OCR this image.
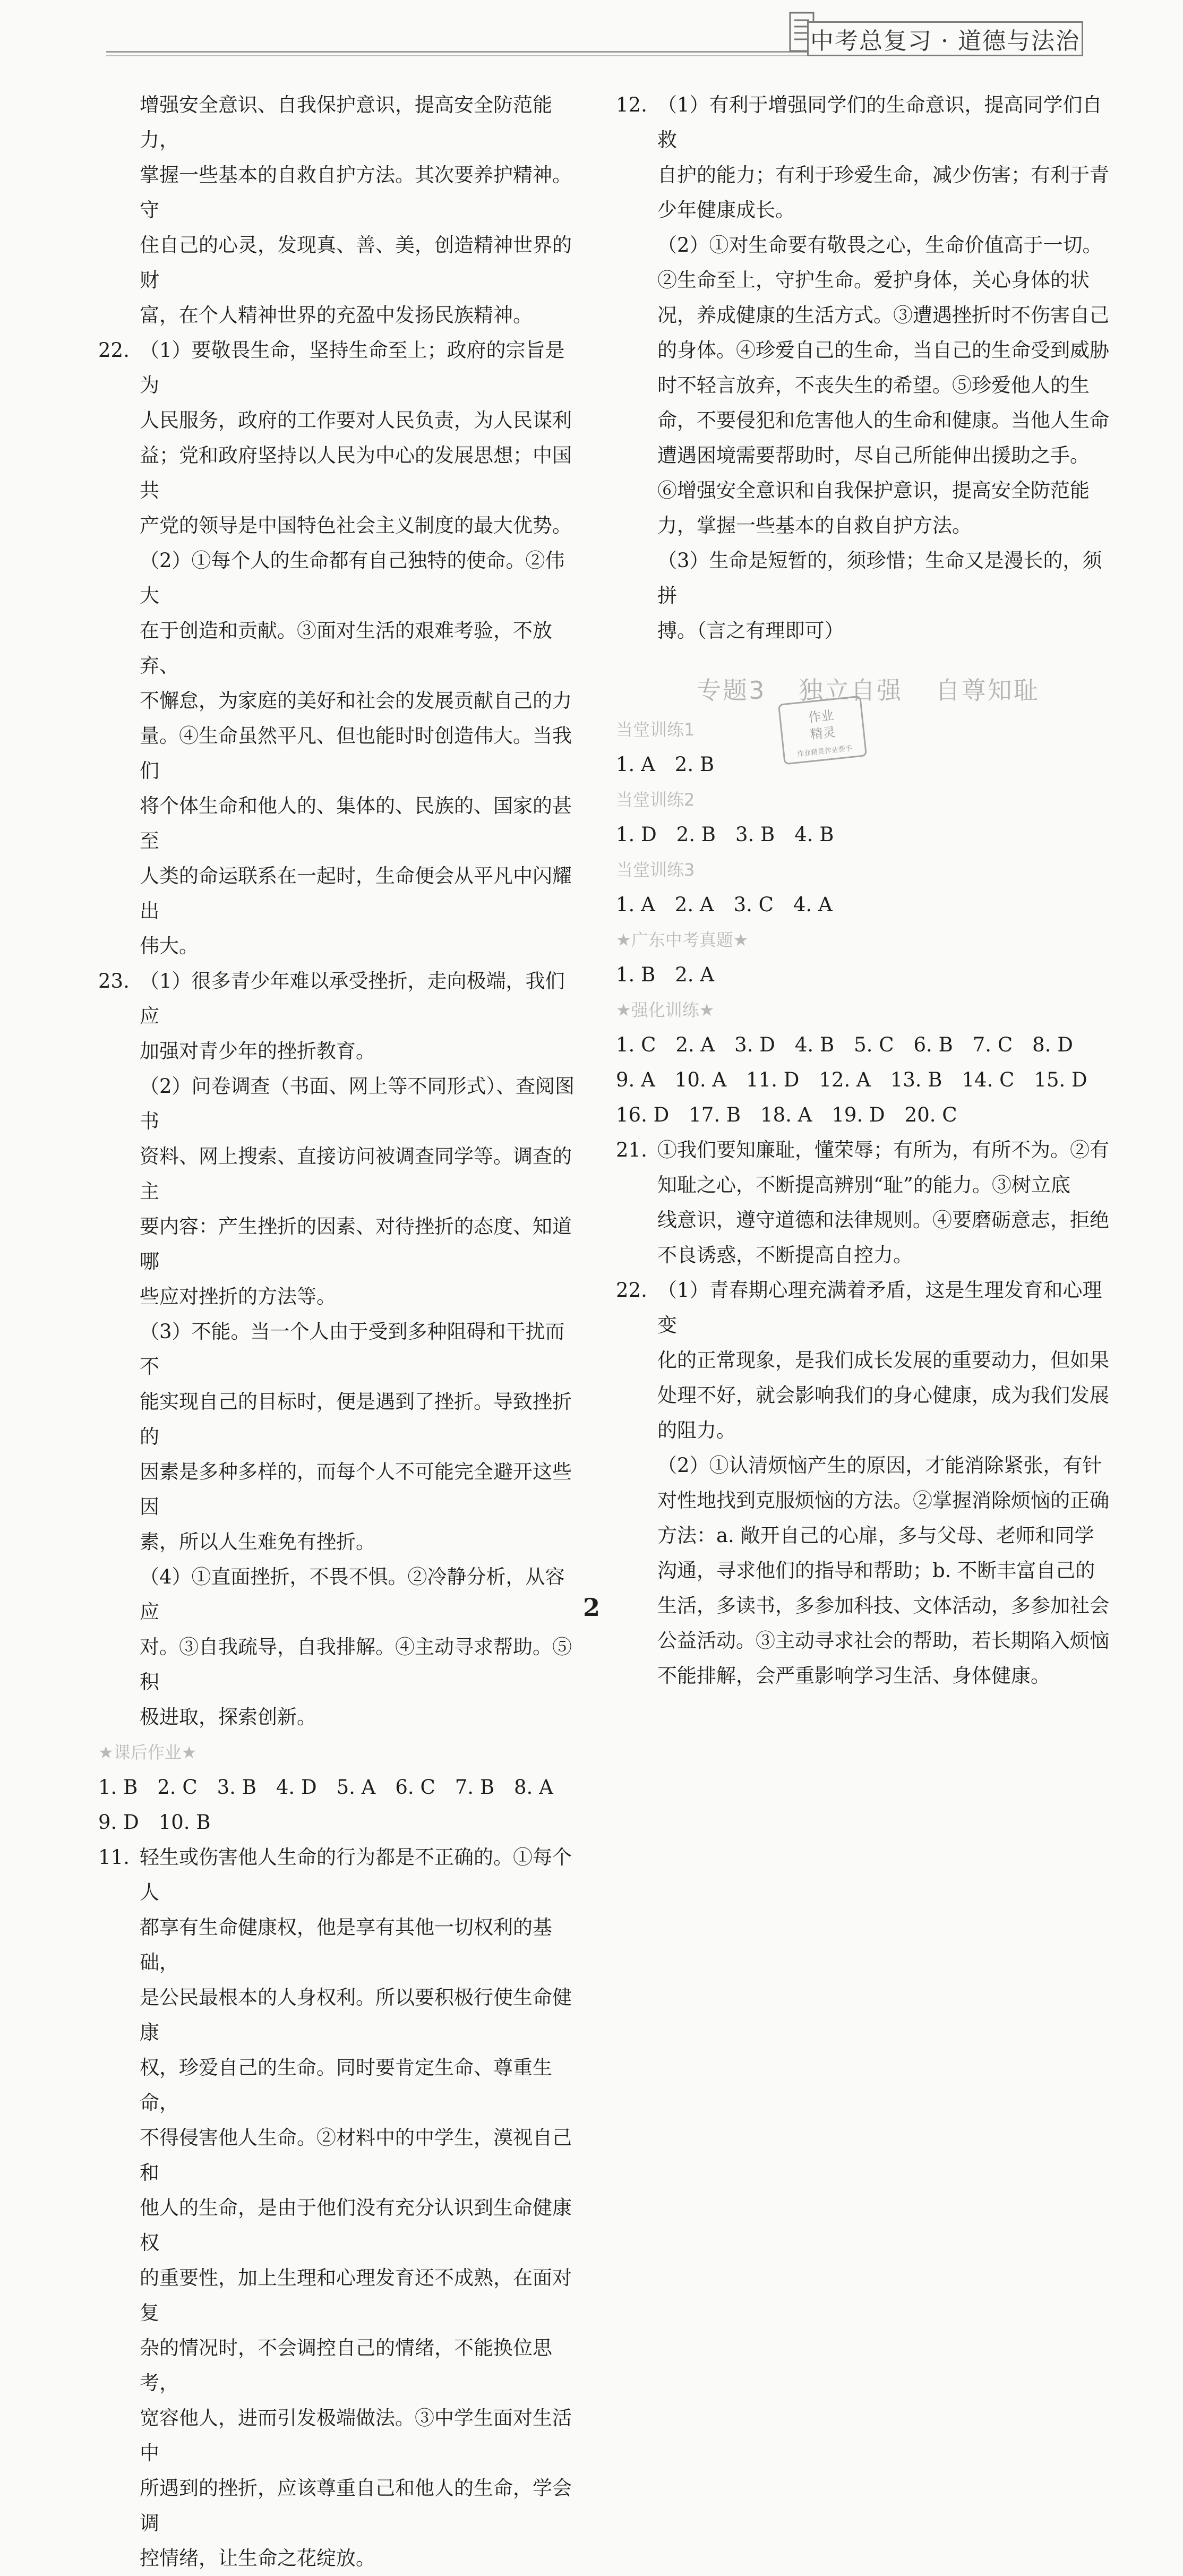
中考总复习 · 道德与法治
增强安全意识、自我保护意识，提高安全防范能力，
掌握一些基本的自救自护方法。其次要养护精神。守
住自己的心灵，发现真、善、美，创造精神世界的财
富，在个人精神世界的充盈中发扬民族精神。
22. （1）要敬畏生命，坚持生命至上；政府的宗旨是为
人民服务，政府的工作要对人民负责，为人民谋利
益；党和政府坚持以人民为中心的发展思想；中国共
产党的领导是中国特色社会主义制度的最大优势。
（2）①每个人的生命都有自己独特的使命。②伟大
在于创造和贡献。③面对生活的艰难考验，不放弃、
不懈怠，为家庭的美好和社会的发展贡献自己的力
量。④生命虽然平凡、但也能时时创造伟大。当我们
将个体生命和他人的、集体的、民族的、国家的甚至
人类的命运联系在一起时，生命便会从平凡中闪耀出
伟大。
23. （1）很多青少年难以承受挫折，走向极端，我们应
加强对青少年的挫折教育。
（2）问卷调查（书面、网上等不同形式）、查阅图书
资料、网上搜索、直接访问被调查同学等。调查的主
要内容：产生挫折的因素、对待挫折的态度、知道哪
些应对挫折的方法等。
（3）不能。当一个人由于受到多种阻碍和干扰而不
能实现自己的目标时，便是遇到了挫折。导致挫折的
因素是多种多样的，而每个人不可能完全避开这些因
素，所以人生难免有挫折。
（4）①直面挫折，不畏不惧。②冷静分析，从容应
对。③自我疏导，自我排解。④主动寻求帮助。⑤积
极进取，探索创新。
★课后作业★
1. B　2. C　3. B　4. D　5. A　6. C　7. B　8. A
9. D　10. B
11. 轻生或伤害他人生命的行为都是不正确的。①每个人
都享有生命健康权，他是享有其他一切权利的基础，
是公民最根本的人身权利。所以要积极行使生命健康
权，珍爱自己的生命。同时要肯定生命、尊重生命，
不得侵害他人生命。②材料中的中学生，漠视自己和
他人的生命，是由于他们没有充分认识到生命健康权
的重要性，加上生理和心理发育还不成熟，在面对复
杂的情况时，不会调控自己的情绪，不能换位思考，
宽容他人，进而引发极端做法。③中学生面对生活中
所遇到的挫折，应该尊重自己和他人的生命，学会调
控情绪，让生命之花绽放。
12. （1）有利于增强同学们的生命意识，提高同学们自救
自护的能力；有利于珍爱生命，减少伤害；有利于青
少年健康成长。
（2）①对生命要有敬畏之心，生命价值高于一切。
②生命至上，守护生命。爱护身体，关心身体的状
况，养成健康的生活方式。③遭遇挫折时不伤害自己
的身体。④珍爱自己的生命，当自己的生命受到威胁
时不轻言放弃，不丧失生的希望。⑤珍爱他人的生
命，不要侵犯和危害他人的生命和健康。当他人生命
遭遇困境需要帮助时，尽自己所能伸出援助之手。
⑥增强安全意识和自我保护意识，提高安全防范能
力，掌握一些基本的自救自护方法。
（3）生命是短暂的，须珍惜；生命又是漫长的，须拼
搏。（言之有理即可）
专题3 独立自强 自尊知耻
当堂训练1
1. A　2. B
当堂训练2
1. D　2. B　3. B　4. B
当堂训练3
1. A　2. A　3. C　4. A
★广东中考真题★
1. B　2. A
★强化训练★
1. C　2. A　3. D　4. B　5. C　6. B　7. C　8. D
9. A　10. A　11. D　12. A　13. B　14. C　15. D
16. D　17. B　18. A　19. D　20. C
21. ①我们要知廉耻，懂荣辱；有所为，有所不为。②有
知耻之心，不断提高辨别“耻”的能力。③树立底
线意识，遵守道德和法律规则。④要磨砺意志，拒绝
不良诱惑，不断提高自控力。
22. （1）青春期心理充满着矛盾，这是生理发育和心理变
化的正常现象，是我们成长发展的重要动力，但如果
处理不好，就会影响我们的身心健康，成为我们发展
的阻力。
（2）①认清烦恼产生的原因，才能消除紧张，有针
对性地找到克服烦恼的方法。②掌握消除烦恼的正确
方法：a. 敞开自己的心扉，多与父母、老师和同学
沟通，寻求他们的指导和帮助；b. 不断丰富自己的
生活，多读书，多参加科技、文体活动，多参加社会
公益活动。③主动寻求社会的帮助，若长期陷入烦恼
不能排解，会严重影响学习生活、身体健康。
作业
精灵
作业精灵作业帮手
2
